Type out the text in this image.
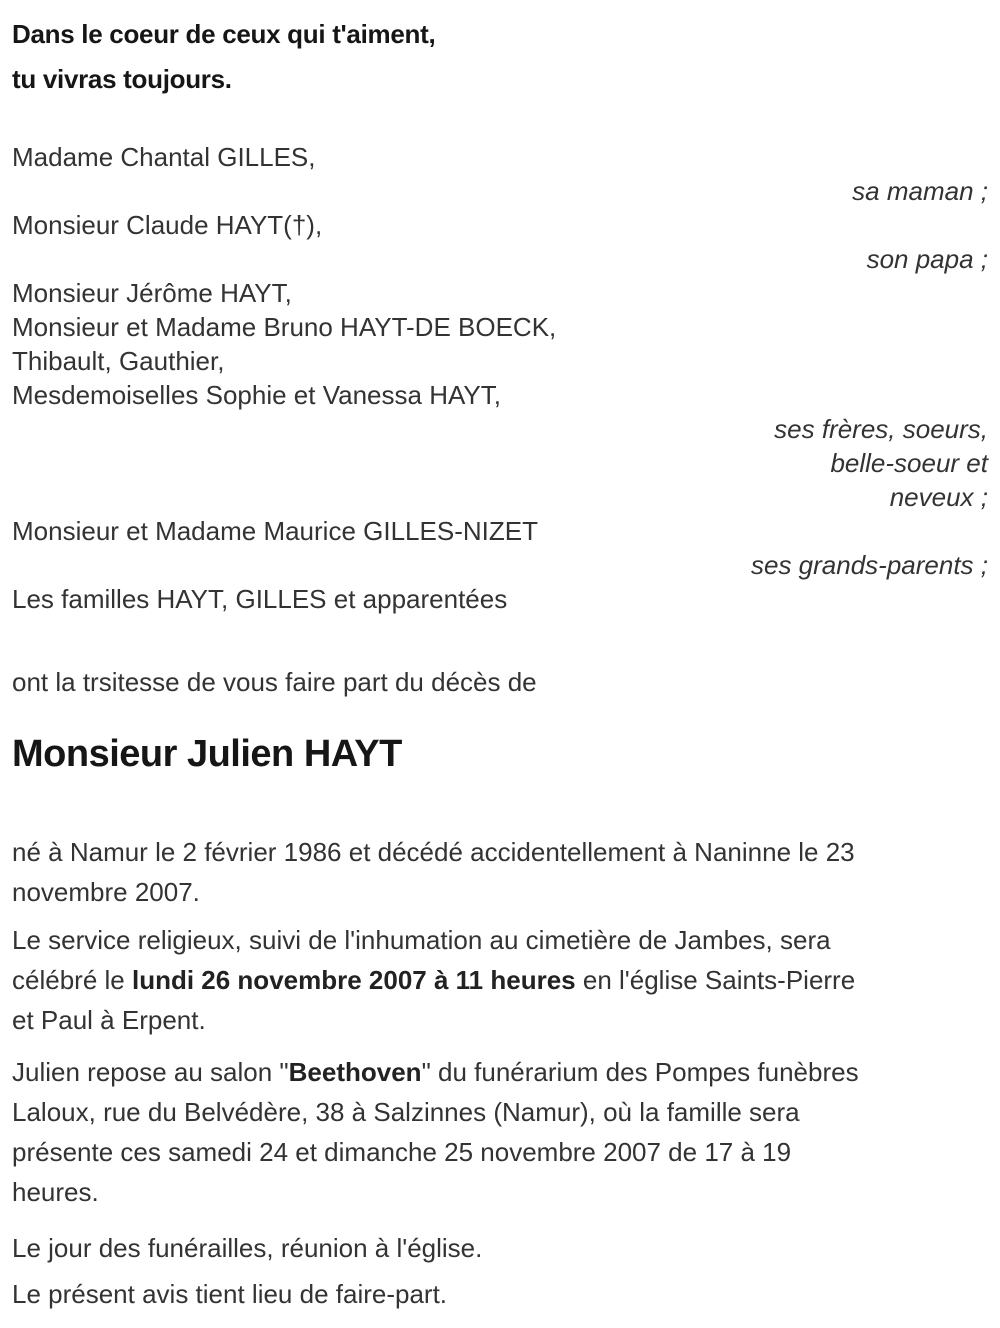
Dans le coeur de ceux qui t'aiment,
tu vivras toujours.
Madame Chantal GILLES,
sa maman ;
Monsieur Claude HAYT(†),
son papa ;
Monsieur Jérôme HAYT,
Monsieur et Madame Bruno HAYT-DE BOECK,
Thibault, Gauthier,
Mesdemoiselles Sophie et Vanessa HAYT,
ses frères, soeurs,
belle-soeur et
neveux ;
Monsieur et Madame Maurice GILLES-NIZET
ses grands-parents ;
Les familles HAYT, GILLES et apparentées
ont la trsitesse de vous faire part du décès de
Monsieur Julien HAYT
né à Namur le 2 février 1986 et décédé accidentellement à Naninne le 23
novembre 2007.
Le service religieux, suivi de l'inhumation au cimetière de Jambes, sera
célébré le lundi 26 novembre 2007 à 11 heures en l'église Saints-Pierre
et Paul à Erpent.
Julien repose au salon "Beethoven" du funérarium des Pompes funèbres
Laloux, rue du Belvédère, 38 à Salzinnes (Namur), où la famille sera
présente ces samedi 24 et dimanche 25 novembre 2007 de 17 à 19
heures.
Le jour des funérailles, réunion à l'église.
Le présent avis tient lieu de faire-part.
